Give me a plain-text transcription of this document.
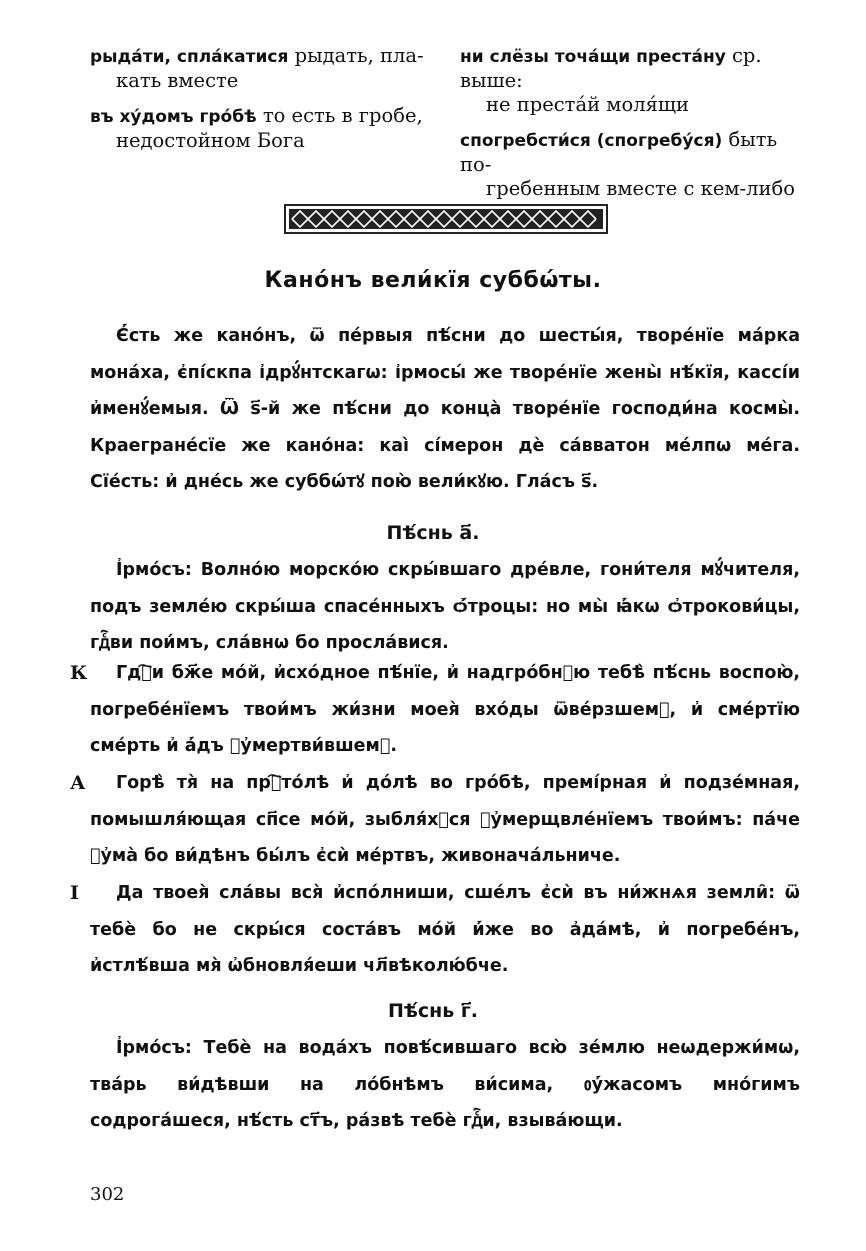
рыда́ти, спла́катися рыдать, пла-
кать вместе
въ ху́домъ гро́бѣ то есть в гробе,
недостойном Бога
ни слёзы точа́щи преста́ну ср. выше:
не преста́й моля́щи
спогребсти́ся (спогребу́ся) быть по-
гребенным вместе с кем-либо
Кано́нъ вели́кїя суббѡ́ты.
Є҆́сть же кано́нъ, ѿ пе́рвыя пѣ́сни до шесты́я, творе́нїе ма́рка мона́ха, є҆пі́скпа і҆дрꙋ́нтскагѡ: і҆рмосы́ же творе́нїе жены̀ нѣ́кїя, кассі́и и҆менꙋ́емыя. Ѿ ѕ҃-й же пѣ́сни до конца̀ творе́нїе господи́на космы̀. Краегране́сїе же кано́на: каі̀ сі́мерон дѐ са́вватон ме́лпѡ ме́га. Сїе́сть: и҆ дне́сь же суббѡ́тꙋ пою̀ вели́кꙋю. Гла́съ ѕ҃.
Пѣ́снь а҃.
І҆рмо́съ: Волно́ю морско́ю скры́вшаго дре́вле, гони́теля мꙋ́чителя, подъ земле́ю скры́ша спасе́нныхъ ѻ҆́троцы: но мы̀ ꙗ҆́кѡ ѻ҆трокови́цы, гдⷭ҇ви пои́мъ, сла́внѡ бо просла́вися.
К	Гдⷭ҇и бж҃е мо́й, и҆схо́дное пѣ́нїе, и҆ надгро́бнꙋю тебѣ̀ пѣ́снь воспою̀, погребе́нїемъ твои́мъ жи́зни моея̀ вхо́ды ѿве́рзшемꙋ, и҆ сме́ртїю сме́рть и҆ а҆́дъ ᲂу҆мертви́вшемꙋ.
А	Горѣ̀ тя̀ на прⷭ҇то́лѣ и҆ до́лѣ во гро́бѣ, премі́рная и҆ подзе́мная, помышля́ющая сп҃се мо́й, зыбля́хꙋся ᲂу҆мерщвле́нїемъ твои́мъ: па́че ᲂу҆ма̀ бо ви́дѣнъ бы́лъ є҆сѝ ме́ртвъ, живонача́льниче.
І	Да твоея̀ сла́вы вся̀ и҆спо́лниши, сше́лъ є҆сѝ въ ни́жнѧя земли̑: ѿ тебѐ бо не скры́ся соста́въ мо́й и҆́же во а҆да́мѣ, и҆ погребе́нъ, и҆стлѣ́вша мя̀ ѡ҆бновля́еши чл҃вѣколю́бче.
Пѣ́снь г҃.
І҆рмо́съ: Тебѐ на вода́хъ повѣ́сившаго всю̀ зе́млю неѡдержи́мѡ, тва́рь ви́дѣвши на ло́бнѣмъ ви́сима, ᲂу҆́жасомъ мно́гимъ содрога́шеся, нѣ́сть ст҃ъ, ра́звѣ тебѐ гдⷭ҇и, взыва́ющи.
302
